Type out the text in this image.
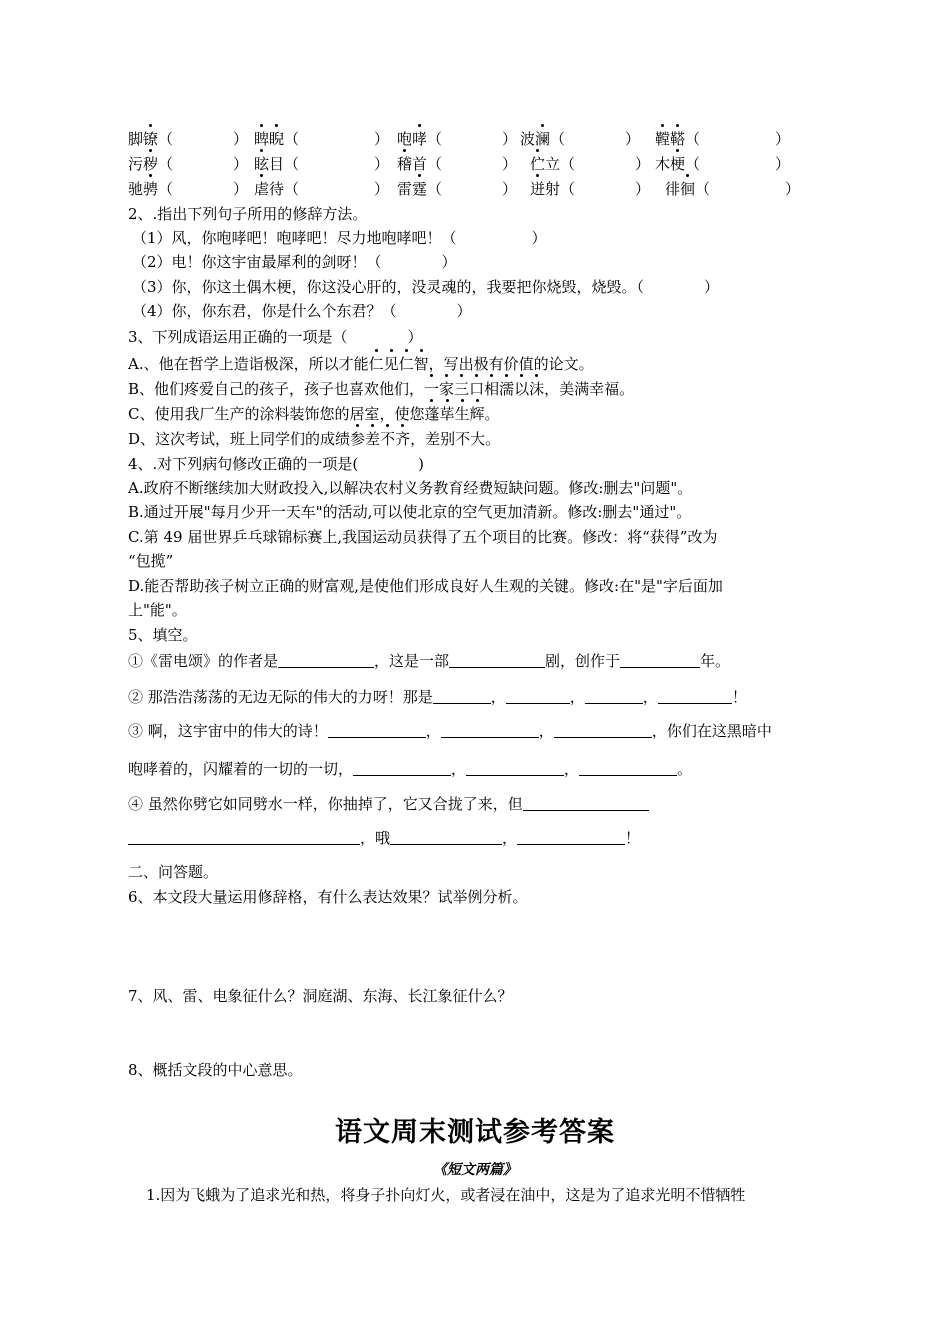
脚镣（　　　　） 睥睨（　　　　　） 咆哮（　　　　） 波澜（　　　　） 鞺鞳（　　　　　）
污秽（　　　　） 眩目（　　　　　） 稽首（　　　　） 伫立（　　　　） 木梗（　　　　　）
驰骋（　　　　） 虐待（　　　　　） 雷霆（　　　　） 迸射（　　　　） 徘徊（　　　　　）
2、.指出下列句子所用的修辞方法。
（1）风，你咆哮吧！咆哮吧！尽力地咆哮吧！（　　　　　）
（2）电！你这宇宙最犀利的剑呀！（　　　　）
（3）你，你这土偶木梗，你这没心肝的，没灵魂的，我要把你烧毁，烧毁。（　　　　）
（4）你，你东君，你是什么个东君？（　　　　）
3、下列成语运用正确的一项是（　　　　）
A.、他在哲学上造诣极深，所以才能仁见仁智，写出极有价值的论文。
B、他们疼爱自己的孩子，孩子也喜欢他们，一家三口相濡以沫，美满幸福。
C、使用我厂生产的涂料装饰您的居室，使您蓬荜生辉。
D、这次考试，班上同学们的成绩参差不齐，差别不大。
4、.对下列病句修改正确的一项是(　　　　)
A.政府不断继续加大财政投入,以解决农村义务教育经费短缺问题。修改:删去"问题"。
B.通过开展"每月少开一天车"的活动,可以使北京的空气更加清新。修改:删去"通过"。
C.第 49 届世界乒乓球锦标赛上,我国运动员获得了五个项目的比赛。修改：将“获得”改为
“包揽”
D.能否帮助孩子树立正确的财富观,是使他们形成良好人生观的关键。修改:在"是"字后面加
上"能"。
5、填空。
①《雷电颂》的作者是	，这是一部	剧，创作于	年。
② 那浩浩荡荡的无边无际的伟大的力呀！那是	，	，	，	！
③ 啊，这宇宙中的伟大的诗！	，	，	，你们在这黑暗中
咆哮着的，闪耀着的一切的一切，	，	，	。
④ 虽然你劈它如同劈水一样，你抽掉了，它又合拢了来，但
，哦	，	！
二、问答题。
6、本文段大量运用修辞格，有什么表达效果？试举例分析。
7、风、雷、电象征什么？洞庭湖、东海、长江象征什么？
8、概括文段的中心意思。
语文周末测试参考答案
《短文两篇》
1.因为飞蛾为了追求光和热，将身子扑向灯火，或者浸在油中，这是为了追求光明不惜牺牲
